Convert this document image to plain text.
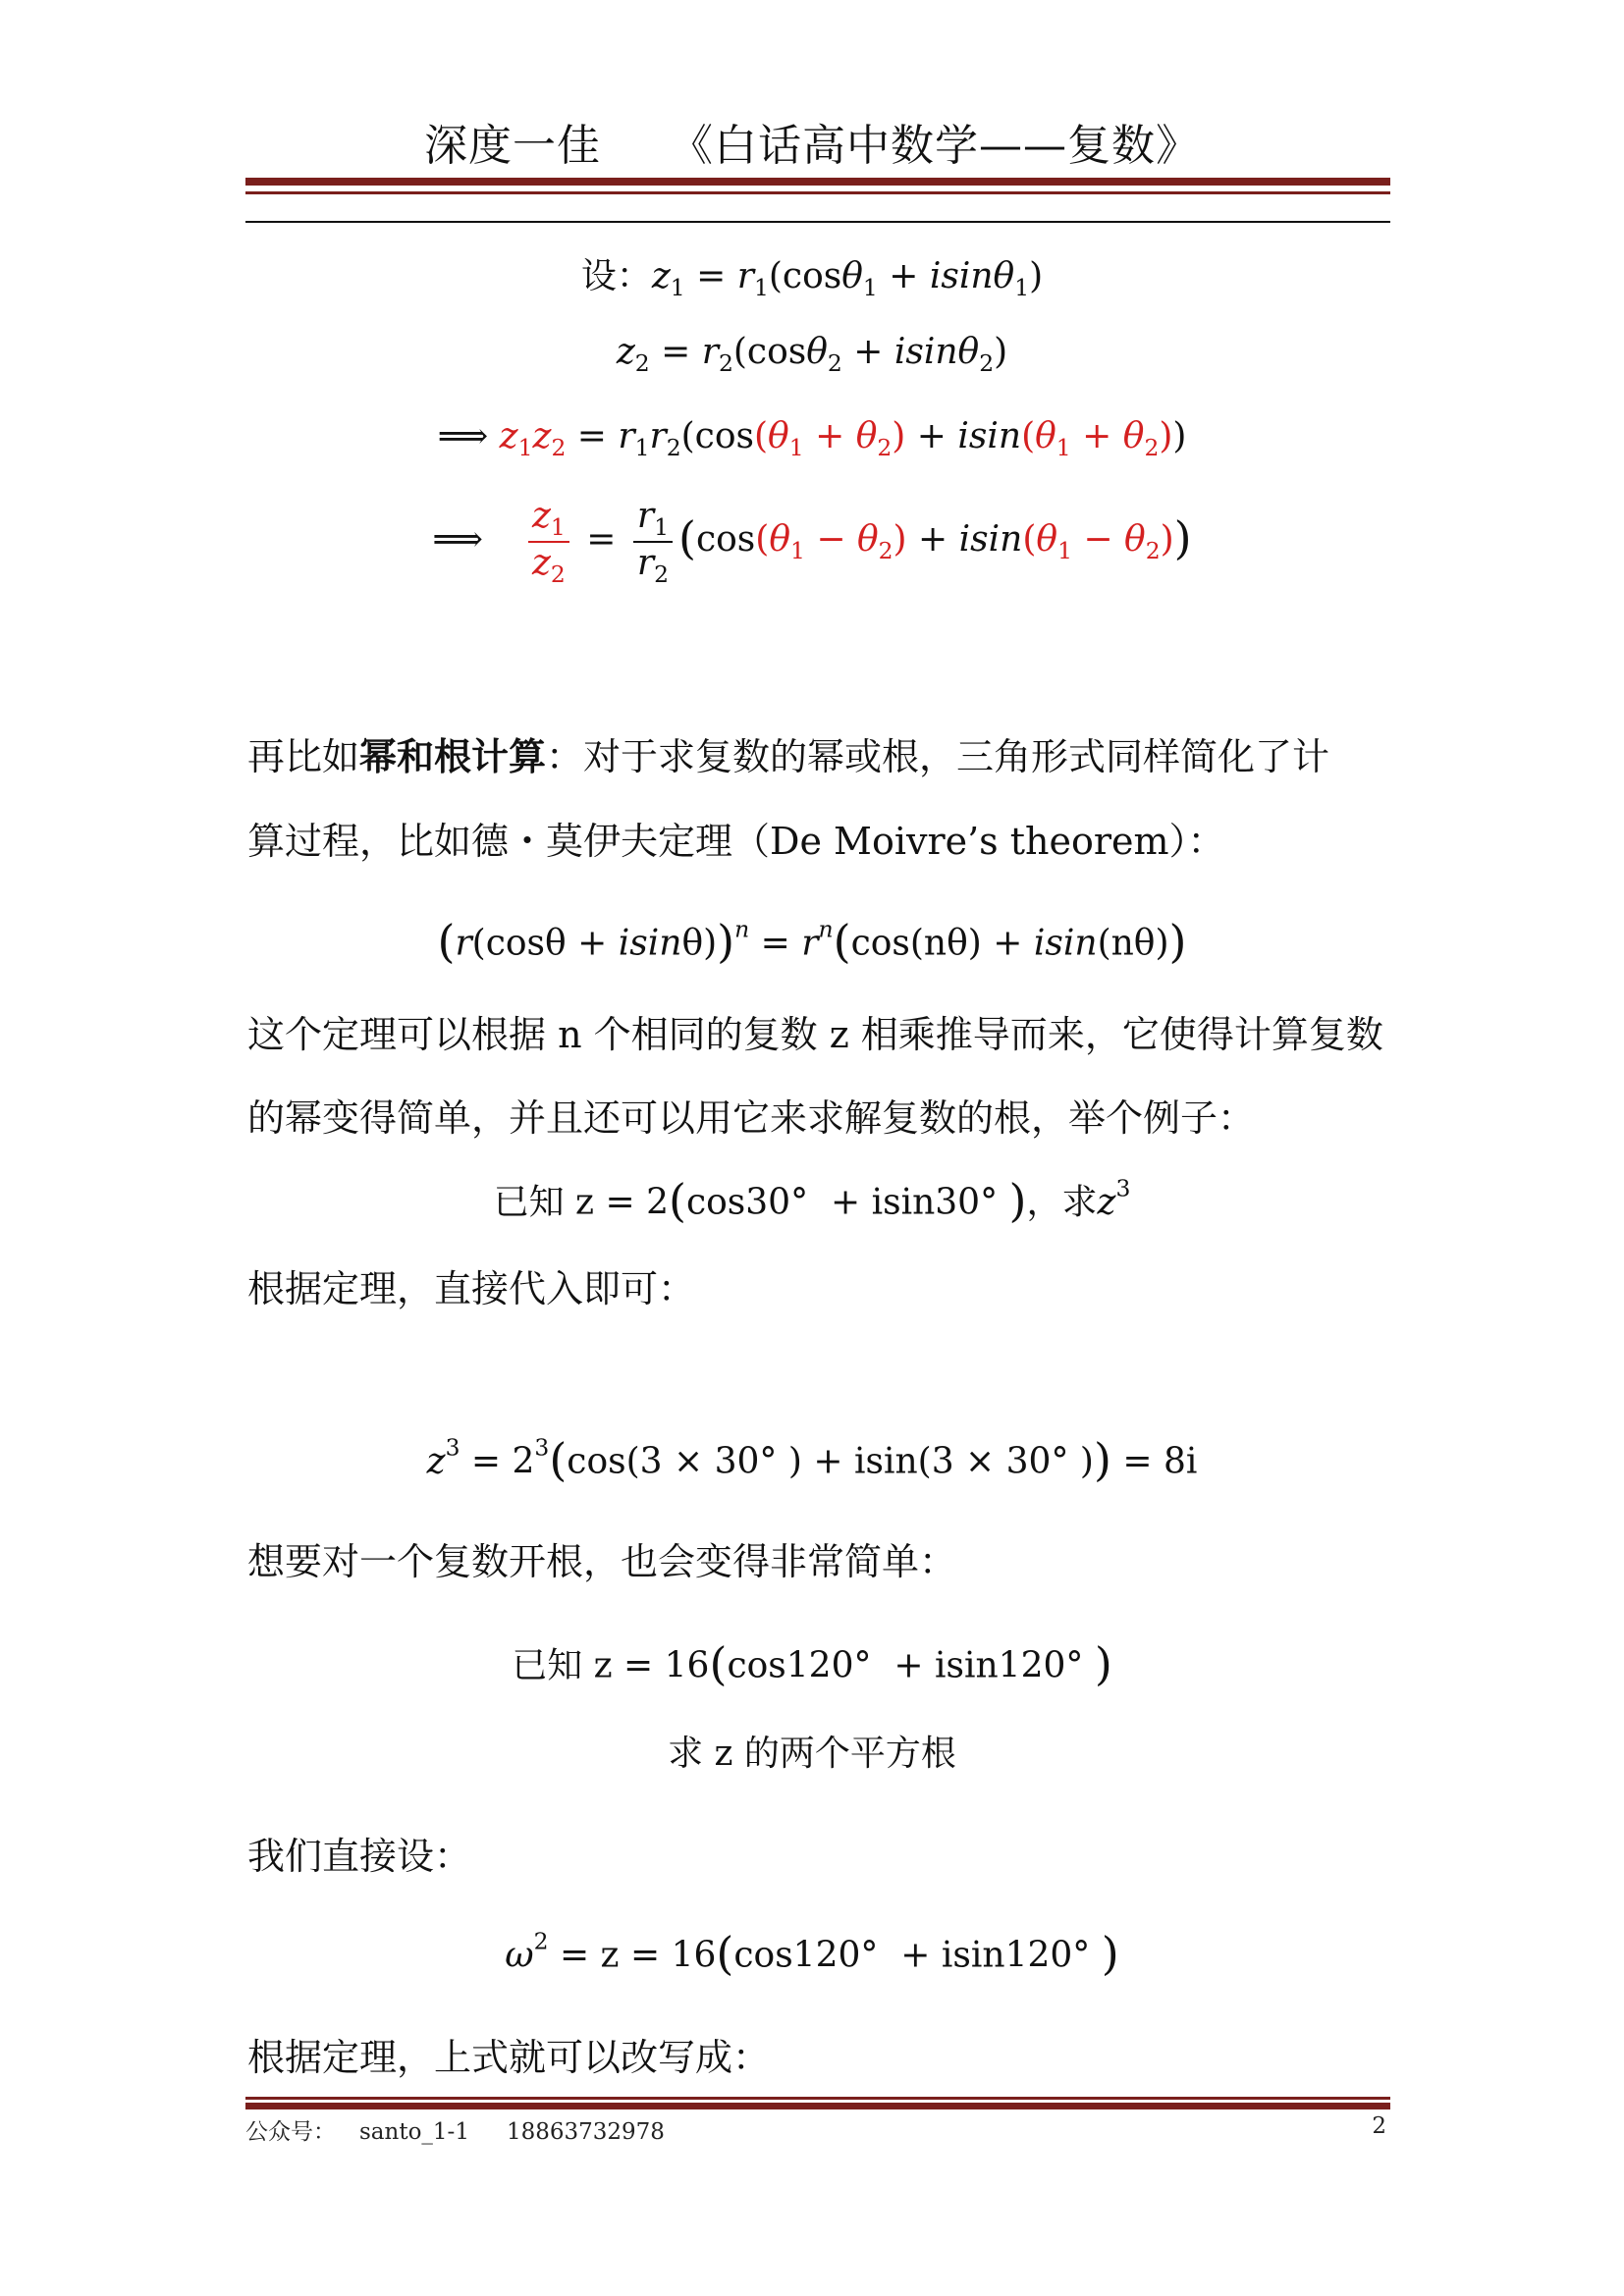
深度一佳 《白话高中数学——复数》
设：$z_1 = r_1(\cos\theta_1 + isin\theta_1)$
$z_2 = r_2(\cos\theta_2 + isin\theta_2)$
⟹ $z_1z_2 = r_1r_2(\cos(\theta_1 + \theta_2) + isin(\theta_1 + \theta_2))$
⟹ $\frac{z_1}{z_2} = \frac{r_1}{r_2} (\cos(\theta_1 - \theta_2) + isin(\theta_1 - \theta_2))$
再比如幂和根计算：对于求复数的幂或根，三角形式同样简化了计
算过程，比如德・莫伊夫定理（De Moivre’s theorem）：
$(r(\cos\theta + isin\theta))^n = r^n(\cos(n\theta) + isin(n\theta))$
这个定理可以根据 n 个相同的复数 z 相乘推导而来，它使得计算复数
的幂变得简单，并且还可以用它来求解复数的根，举个例子：
已知 z = 2(cos30°  + isin30° )，求$z^3$
根据定理，直接代入即可：
$z^3 = 2^3(\cos(3 \times 30^\circ$ ) + isin(3 × 30° )) = 8i
想要对一个复数开根，也会变得非常简单：
已知 z = 16(cos120°  + isin120° )
求 z 的两个平方根
我们直接设：
$\omega^2 = z = 16(\cos 120^\circ + isin120^\circ$ )
根据定理，上式就可以改写成：
公众号： santo_1-1 18863732978	2
